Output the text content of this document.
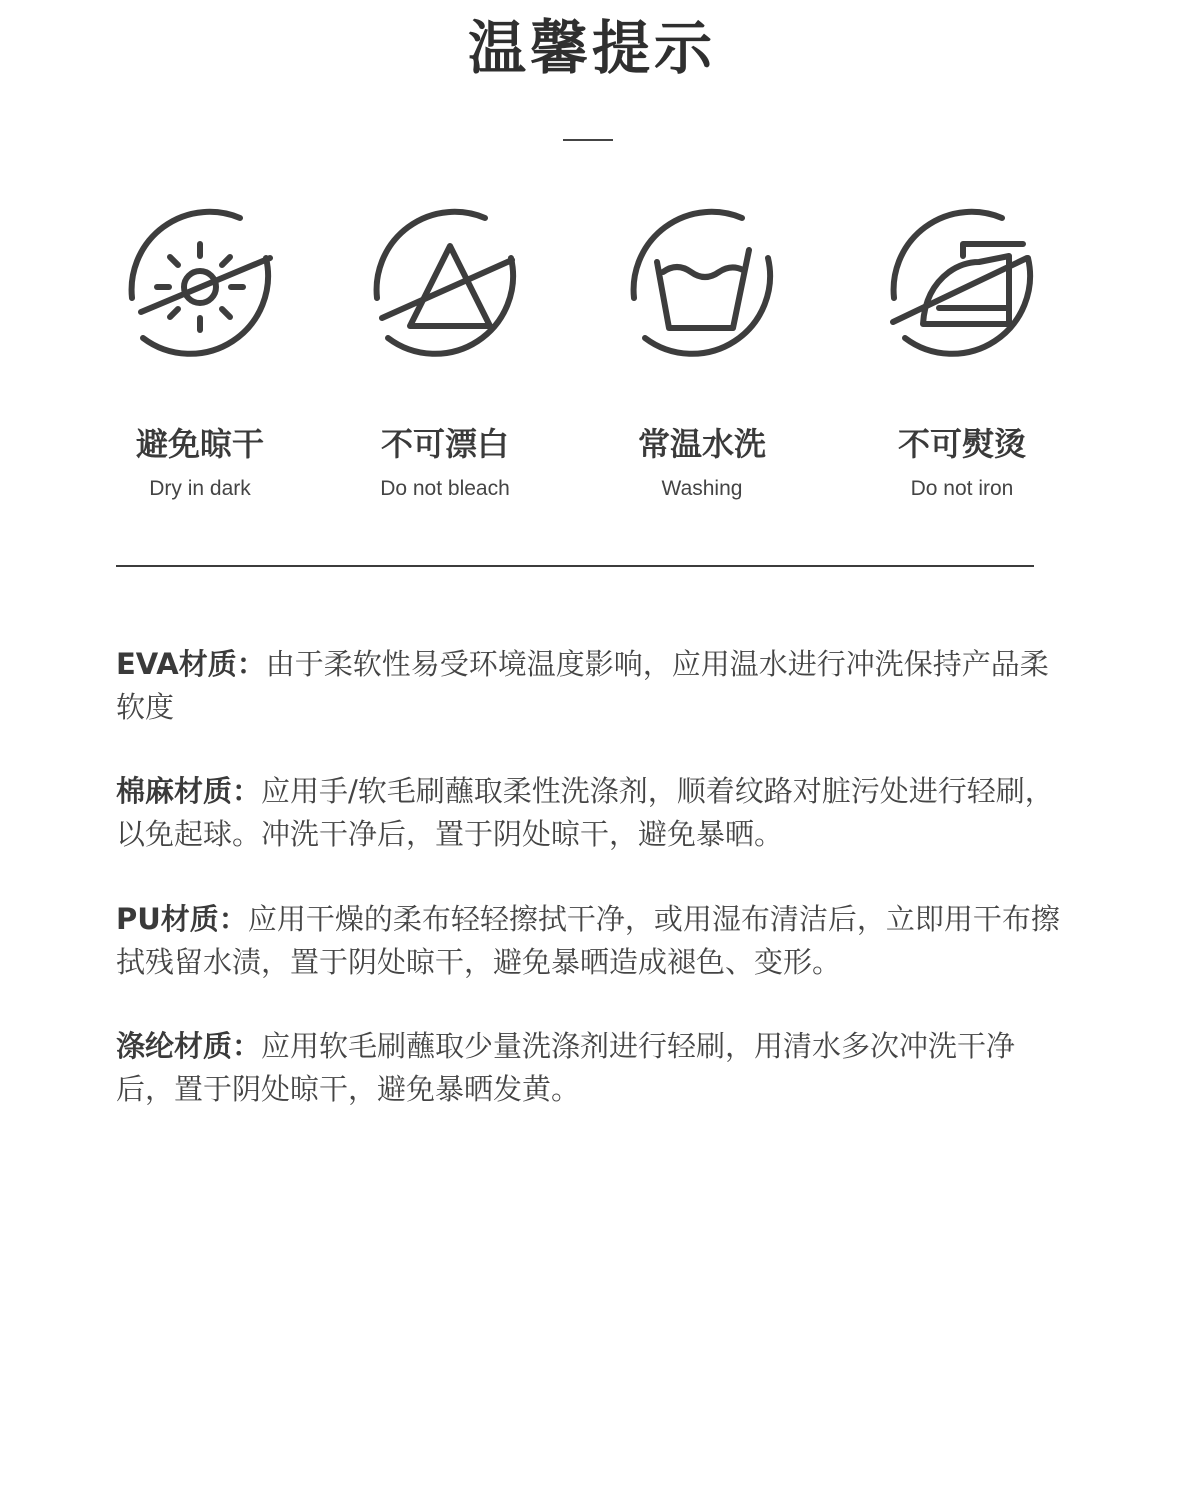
温馨提示
避免晾干
Dry in dark
不可漂白
Do not bleach
常温水洗
Washing
不可熨烫
Do not iron
EVA材质：由于柔软性易受环境温度影响，应用温水进行冲洗保持产品柔软度
棉麻材质：应用手/软毛刷蘸取柔性洗涤剂，顺着纹路对脏污处进行轻刷，以免起球。冲洗干净后，置于阴处晾干，避免暴晒。
PU材质：应用干燥的柔布轻轻擦拭干净，或用湿布清洁后，立即用干布擦拭残留水渍，置于阴处晾干，避免暴晒造成褪色、变形。
涤纶材质：应用软毛刷蘸取少量洗涤剂进行轻刷，用清水多次冲洗干净后，置于阴处晾干，避免暴晒发黄。
